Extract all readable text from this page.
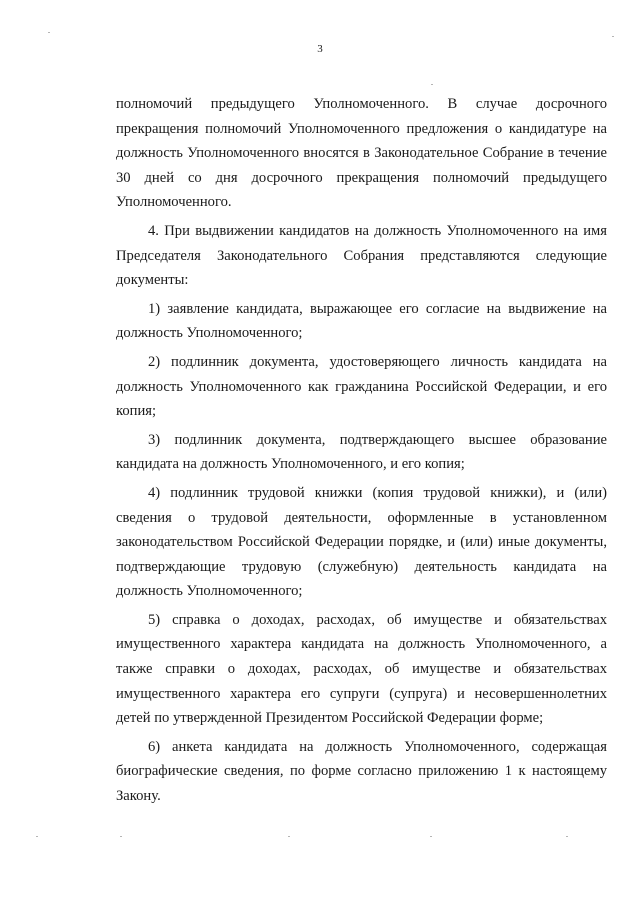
3

полномочий предыдущего Уполномоченного. В случае досрочного прекращения полномочий Уполномоченного предложения о кандидатуре на должность Уполномоченного вносятся в Законодательное Собрание в течение 30 дней со дня досрочного прекращения полномочий предыдущего Уполномоченного.

4. При выдвижении кандидатов на должность Уполномоченного на имя Председателя Законодательного Собрания представляются следующие документы:

1) заявление кандидата, выражающее его согласие на выдвижение на должность Уполномоченного;

2) подлинник документа, удостоверяющего личность кандидата на должность Уполномоченного как гражданина Российской Федерации, и его копия;

3) подлинник документа, подтверждающего высшее образование кандидата на должность Уполномоченного, и его копия;

4) подлинник трудовой книжки (копия трудовой книжки), и (или) сведения о трудовой деятельности, оформленные в установленном законодательством Российской Федерации порядке, и (или) иные документы, подтверждающие трудовую (служебную) деятельность кандидата на должность Уполномоченного;

5) справка о доходах, расходах, об имуществе и обязательствах имущественного характера кандидата на должность Уполномоченного, а также справки о доходах, расходах, об имуществе и обязательствах имущественного характера его супруги (супруга) и несовершеннолетних детей по утвержденной Президентом Российской Федерации форме;

6) анкета кандидата на должность Уполномоченного, содержащая биографические сведения, по форме согласно приложению 1 к настоящему Закону.
